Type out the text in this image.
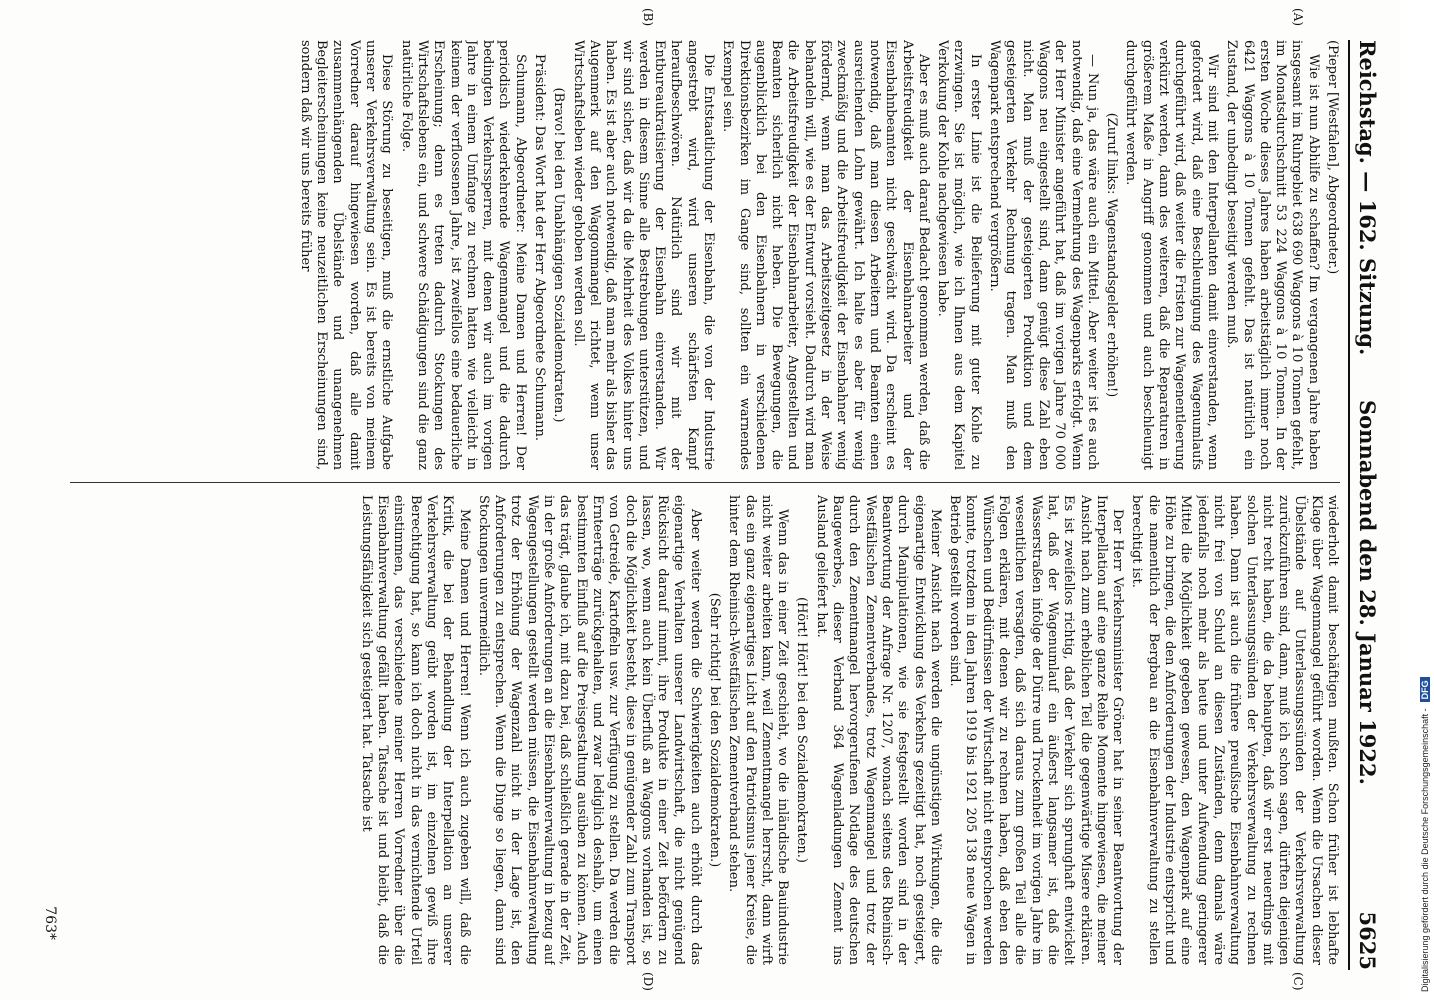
Reichstag. — 162. Sitzung.
Sonnabend den 28. Januar 1922.
5625
(A)
(B)
(C)
(D)

(Pieper [Westfalen], Abgeordneter.)

Wie ist nun Abhilfe zu schaffen? Im vergangenen Jahre haben insgesamt im Ruhrgebiet 638 690 Waggons à 10 Tonnen gefehlt, im Monatsdurchschnitt 53 224 Waggons à 10 Tonnen. In der ersten Woche dieses Jahres haben arbeitstäglich immer noch 6421 Waggons à 10 Tonnen gefehlt. Das ist natürlich ein Zustand, der unbedingt beseitigt werden muß.

Wir sind mit den Interpellanten damit einverstanden, wenn gefordert wird, daß eine Beschleunigung des Wagenumlaufs durchgeführt wird, daß weiter die Fristen zur Wagenentleerung verkürzt werden, dann des weiteren, daß die Reparaturen in größerem Maße in Angriff genommen und auch beschleunigt durchgeführt werden.

(Zuruf links: Wagenstandsgelder erhöhen!)

— Nun ja, das wäre auch ein Mittel. Aber weiter ist es auch notwendig, daß eine Vermehrung des Wagenparks erfolgt. Wenn der Herr Minister angeführt hat, daß im vorigen Jahre 70 000 Waggons neu eingestellt sind, dann genügt diese Zahl eben nicht. Man muß der gesteigerten Produktion und dem gesteigerten Verkehr Rechnung tragen. Man muß den Wagenpark entsprechend vergrößern.

In erster Linie ist die Belieferung mit guter Kohle zu erzwingen. Sie ist möglich, wie ich Ihnen aus dem Kapitel Verkokung der Kohle nachgewiesen habe.

Aber es muß auch darauf Bedacht genommen werden, daß die Arbeitsfreudigkeit der Eisenbahnarbeiter und der Eisenbahnbeamten nicht geschwächt wird. Da erscheint es notwendig, daß man diesen Arbeitern und Beamten einen ausreichenden Lohn gewährt. Ich halte es aber für wenig zweckmäßig und die Arbeitsfreudigkeit der Eisenbahner wenig fördernd, wenn man das Arbeitszeitgesetz in der Weise behandeln will, wie es der Entwurf vorsieht. Dadurch wird man die Arbeitsfreudigkeit der Eisenbahnarbeiter, Angestellten und Beamten sicherlich nicht heben. Die Bewegungen, die augenblicklich bei den Eisenbahnern in verschiedenen Direktionsbezirken im Gange sind, sollten ein warnendes Exempel sein.

Die Entstaatlichung der Eisenbahn, die von der Industrie angestrebt wird, wird unseren schärfsten Kampf heraufbeschwören. Natürlich sind wir mit der Entbureaukratisierung der Eisenbahn einverstanden. Wir werden in diesem Sinne alle Bestrebungen unterstützen, und wir sind sicher, daß wir da die Mehrheit des Volkes hinter uns haben. Es ist aber auch notwendig, daß man mehr als bisher das Augenmerk auf den Waggonmangel richtet, wenn unser Wirtschaftsleben wieder gehoben werden soll.

(Bravo! bei den Unabhängigen Sozialdemokraten.)

Präsident: Das Wort hat der Herr Abgeordnete Schumann.

Schumann, Abgeordneter: Meine Damen und Herren! Der periodisch wiederkehrende Wagenmangel und die dadurch bedingten Verkehrssperren, mit denen wir auch im vorigen Jahre in einem Umfange zu rechnen hatten wie vielleicht in keinem der verflossenen Jahre, ist zweifellos eine bedauerliche Erscheinung; denn es treten dadurch Stockungen des Wirtschaftslebens ein, und schwere Schädigungen sind die ganz natürliche Folge.

Diese Störung zu beseitigen, muß die ernstliche Aufgabe unserer Verkehrsverwaltung sein. Es ist bereits von meinem Vorredner darauf hingewiesen worden, daß alle damit zusammenhängenden Übelstände und unangenehmen Begleiterscheinungen keine neuzeitlichen Erscheinungen sind, sondern daß wir uns bereits früher

wiederholt damit beschäftigen mußten. Schon früher ist lebhafte Klage über Wagenmangel geführt worden. Wenn die Ursachen dieser Übelstände auf Unterlassungssünden der Verkehrsverwaltung zurückzuführen sind, dann, muß ich schon sagen, dürften diejenigen nicht recht haben, die da behaupten, daß wir erst neuerdings mit solchen Unterlassungssünden der Verkehrsverwaltung zu rechnen haben. Dann ist auch die frühere preußische Eisenbahnverwaltung nicht frei von Schuld an diesen Zuständen, denn damals wäre jedenfalls noch mehr als heute und unter Aufwendung geringerer Mittel die Möglichkeit gegeben gewesen, den Wagenpark auf eine Höhe zu bringen, die den Anforderungen der Industrie entspricht und die namentlich der Bergbau an die Eisenbahnverwaltung zu stellen berechtigt ist.

Der Herr Verkehrsminister Gröner hat in seiner Beantwortung der Interpellation auf eine ganze Reihe Momente hingewiesen, die meiner Ansicht nach zum erheblichen Teil die gegenwärtige Misere erklären. Es ist zweifellos richtig, daß der Verkehr sich sprunghaft entwickelt hat, daß der Wagenumlauf ein äußerst langsamer ist, daß die Wasserstraßen infolge der Dürre und Trockenheit im vorigen Jahre im wesentlichen versagten, daß sich daraus zum großen Teil alle die Folgen erklären, mit denen wir zu rechnen haben, daß eben den Wünschen und Bedürfnissen der Wirtschaft nicht entsprochen werden konnte, trotzdem in den Jahren 1919 bis 1921 205 138 neue Wagen in Betrieb gestellt worden sind.

Meiner Ansicht nach werden die ungünstigen Wirkungen, die die eigenartige Entwicklung des Verkehrs gezeitigt hat, noch gesteigert, durch Manipulationen, wie sie festgestellt worden sind in der Beantwortung der Anfrage Nr. 1207, wonach seitens des Rheinisch-Westfälischen Zementverbandes, trotz Wagenmangel und trotz der durch den Zementmangel hervorgerufenen Notlage des deutschen Baugewerbes, dieser Verband 364 Wagenladungen Zement ins Ausland geliefert hat.

(Hört! Hört! bei den Sozialdemokraten.)

Wenn das in einer Zeit geschieht, wo die inländische Bauindustrie nicht weiter arbeiten kann, weil Zementmangel herrscht, dann wirft das ein ganz eigenartiges Licht auf den Patriotismus jener Kreise, die hinter dem Rheinisch-Westfälischen Zementverband stehen.

(Sehr richtig! bei den Sozialdemokraten.)

Aber weiter werden die Schwierigkeiten auch erhöht durch das eigenartige Verhalten unserer Landwirtschaft, die nicht genügend Rücksicht darauf nimmt, ihre Produkte in einer Zeit befördern zu lassen, wo, wenn auch kein Überfluß an Waggons vorhanden ist, so doch die Möglichkeit besteht, diese in genügender Zahl zum Transport von Getreide, Kartoffeln usw. zur Verfügung zu stellen. Da werden die Ernteerträge zurückgehalten, und zwar lediglich deshalb, um einen bestimmten Einfluß auf die Preisgestaltung ausüben zu können. Auch das trägt, glaube ich, mit dazu bei, daß schließlich gerade in der Zeit, in der große Anforderungen an die Eisenbahnverwaltung in bezug auf Wagengestellungen gestellt werden müssen, die Eisenbahnverwaltung trotz der Erhöhung der Wagenzahl nicht in der Lage ist, den Anforderungen zu entsprechen. Wenn die Dinge so liegen, dann sind Stockungen unvermeidlich.

Meine Damen und Herren! Wenn ich auch zugeben will, daß die Kritik, die bei der Behandlung der Interpellation an unserer Verkehrsverwaltung geübt worden ist, im einzelnen gewiß ihre Berechtigung hat, so kann ich doch nicht in das vernichtende Urteil einstimmen, das verschiedene meiner Herren Vorredner über die Eisenbahnverwaltung gefällt haben. Tatsache ist und bleibt, daß die Leistungsfähigkeit sich gesteigert hat. Tatsache ist

763*	Digitalisierung gefördert durch die Deutsche Forschungsgemeinschaft -DFG
